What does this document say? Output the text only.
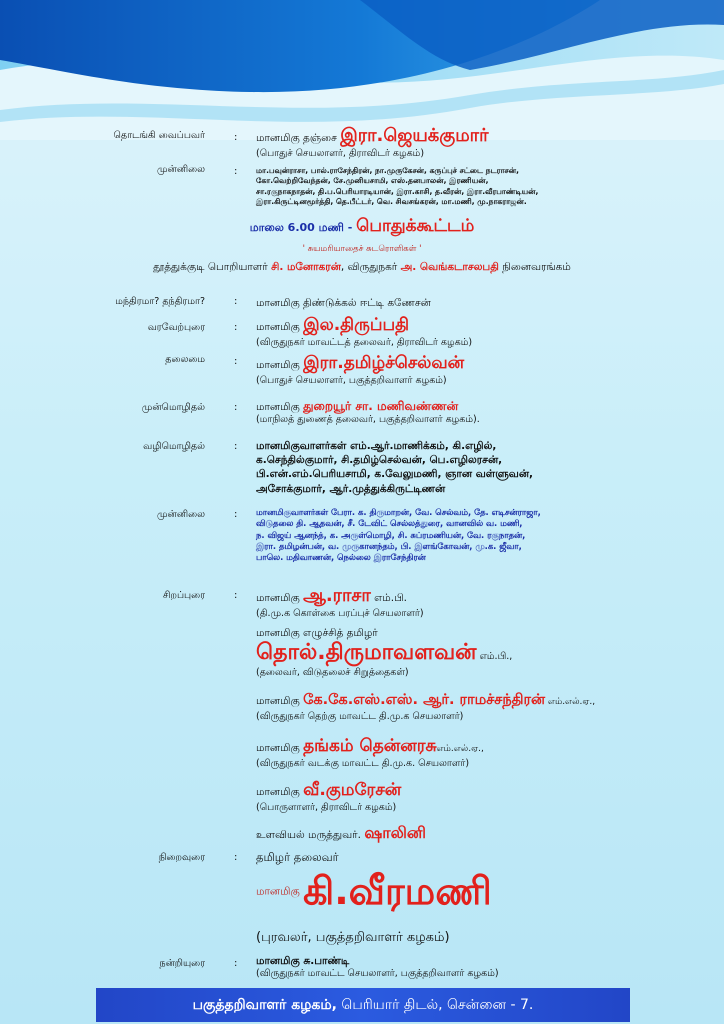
தொடங்கி வைப்பவர்	: மானமிகு தஞ்சை இரா.ஜெயக்குமார்
(பொதுச் செயலாளர், திராவிடர் கழகம்)
முன்னிலை	: மா.பவுன்ராசா, பால்.ராசேந்திரன், நா.முருகேசன், கருப்புச் சட்டை நடராசன்,
கோ.வெற்றிவேந்தன், சே.முனியசாமி, எஸ்.தனபாலன், இரணியன்,
சா.ரகுநாகநாதன், தி.ப.பெரியாரடியான், இரா.காசி, த.வீரன், இரா.வீரபாண்டியன்,
இரா.கிருட்டினமூர்த்தி, தெ.பீட்டர், வெ. சிவசங்கரன், மா.மணி, மு.நாகராஜன்.
மாலை 6.00 மணி - பொதுக்கூட்டம்
' சுயமரியாதைச் சுடரொளிகள் '
தூத்துக்குடி பொறியாளர் சி. மனோகரன், விருதுநகர் அ. வெங்கடாசலபதி நினைவரங்கம்
மந்திரமா? தந்திரமா?	: மானமிகு திண்டுக்கல் ஈட்டி கணேசன்
வரவேற்புரை	: மானமிகு இல.திருப்பதி
(விருதுநகர் மாவட்டத் தலைவர், திராவிடர் கழகம்)
தலைமை	: மானமிகு இரா.தமிழ்ச்செல்வன்
(பொதுச் செயலாளர், பகுத்தறிவாளர் கழகம்)
முன்மொழிதல்	: மானமிகு துறையூர் சா. மணிவண்ணன்
(மாநிலத் துணைத் தலைவர், பகுத்தறிவாளர் கழகம்).
வழிமொழிதல்	: மானமிகுவாளர்கள் எம்.ஆர்.மாணிக்கம், கி.எழில்,
க.செந்தில்குமார், சி.தமிழ்செல்வன், பெ.எழிலரசன்,
பி.என்.எம்.பெரியசாமி, க.வேலுமணி, ஞான வள்ளுவன்,
அசோக்குமார், ஆர்.முத்துக்கிருட்டிணன்
முன்னிலை	: மானமிகுவாளர்கள் பேரா. க. திருமாறன், வே. செல்வம், தே. எடிசன்ராஜா,
விடுதலை தி. ஆதவன், சீ. டேவிட் செல்லத்துரை, வானவில் வ. மணி,
ந. விஜய் ஆனந்த், க. அருள்மொழி, சி. சுப்ரமணியன், வே. ரகுநாதன்,
இரா. தமிழன்பன், வ. முருகானந்தம், பி. இளங்கோவன், மு.க. ஜீவா,
பாலெ. மதிவாணன், நெல்லை இராசேந்திரன்
சிறப்புரை	: மானமிகு ஆ.ராசா எம்.பி.
(தி.மு.க கொள்கை பரப்புச் செயலாளர்)
மானமிகு எழுச்சித் தமிழர்
தொல்.திருமாவளவன் எம்.பி.,
(தலைவர், விடுதலைச் சிறுத்தைகள்)
மானமிகு கே.கே.எஸ்.எஸ். ஆர். ராமச்சந்திரன் எம்.எல்.ஏ.,
(விருதுநகர் தெற்கு மாவட்ட தி.மு.க செயலாளர்)
மானமிகு தங்கம் தென்னரசுஎம்.எல்.ஏ.,
(விருதுநகர் வடக்கு மாவட்ட தி.மு.க. செயலாளர்)
மானமிகு வீ.குமரேசன்
(பொருளாளர், திராவிடர் கழகம்)
உளவியல் மருத்துவர். ஷாலினி
நிறைவுரை	: தமிழர் தலைவர்
மானமிகு கி.வீரமணி
(புரவலர், பகுத்தறிவாளர் கழகம்)
நன்றியுரை	: மானமிகு சு.பாண்டி
(விருதுநகர் மாவட்ட செயலாளர், பகுத்தறிவாளர் கழகம்)
பகுத்தறிவாளர் கழகம், பெரியார் திடல், சென்னை - 7.
